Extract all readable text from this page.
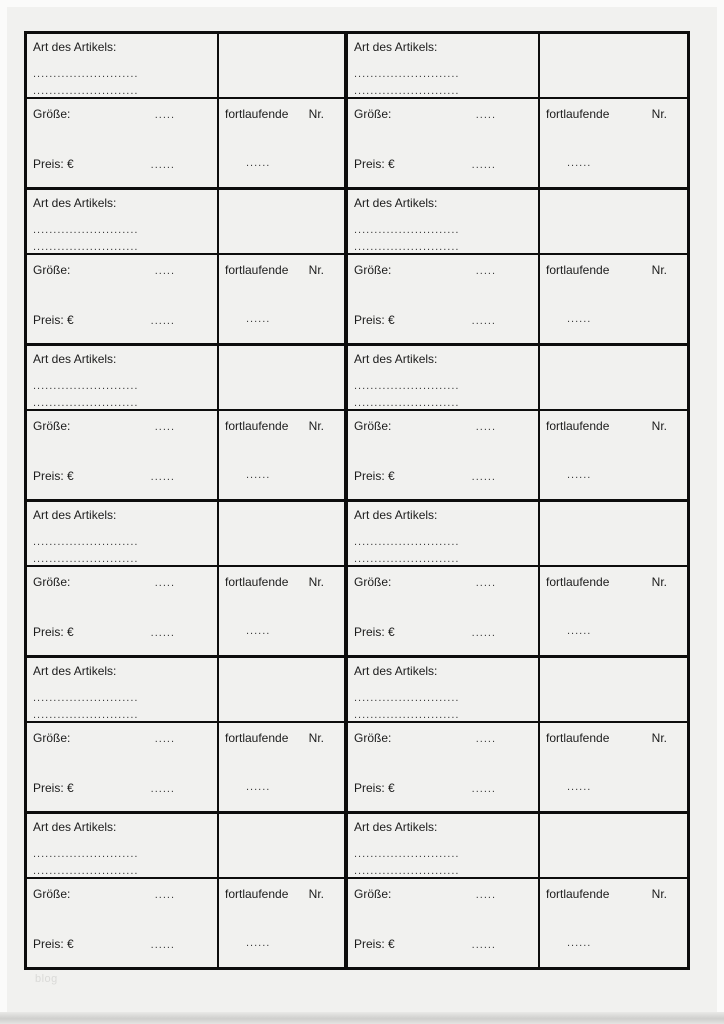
Art des Artikels:
..........................
..........................
Größe:	.....
Preis: €	......
fortlaufende Nr.
......
Art des Artikels:
..........................
..........................
Größe:	.....
Preis: €	......
fortlaufende Nr.
......
Art des Artikels:
..........................
..........................
Größe:	.....
Preis: €	......
fortlaufende Nr.
......
Art des Artikels:
..........................
..........................
Größe:	.....
Preis: €	......
fortlaufende Nr.
......
Art des Artikels:
..........................
..........................
Größe:	.....
Preis: €	......
fortlaufende Nr.
......
Art des Artikels:
..........................
..........................
Größe:	.....
Preis: €	......
fortlaufende Nr.
......
Art des Artikels:
..........................
..........................
Größe:	.....
Preis: €	......
fortlaufende	Nr.
......
Art des Artikels:
..........................
..........................
Größe:	.....
Preis: €	......
fortlaufende	Nr.
......
Art des Artikels:
..........................
..........................
Größe:	.....
Preis: €	......
fortlaufende	Nr.
......
Art des Artikels:
..........................
..........................
Größe:	.....
Preis: €	......
fortlaufende	Nr.
......
Art des Artikels:
..........................
..........................
Größe:	.....
Preis: €	......
fortlaufende	Nr.
......
Art des Artikels:
..........................
..........................
Größe:	.....
Preis: €	......
fortlaufende	Nr.
......
blog
